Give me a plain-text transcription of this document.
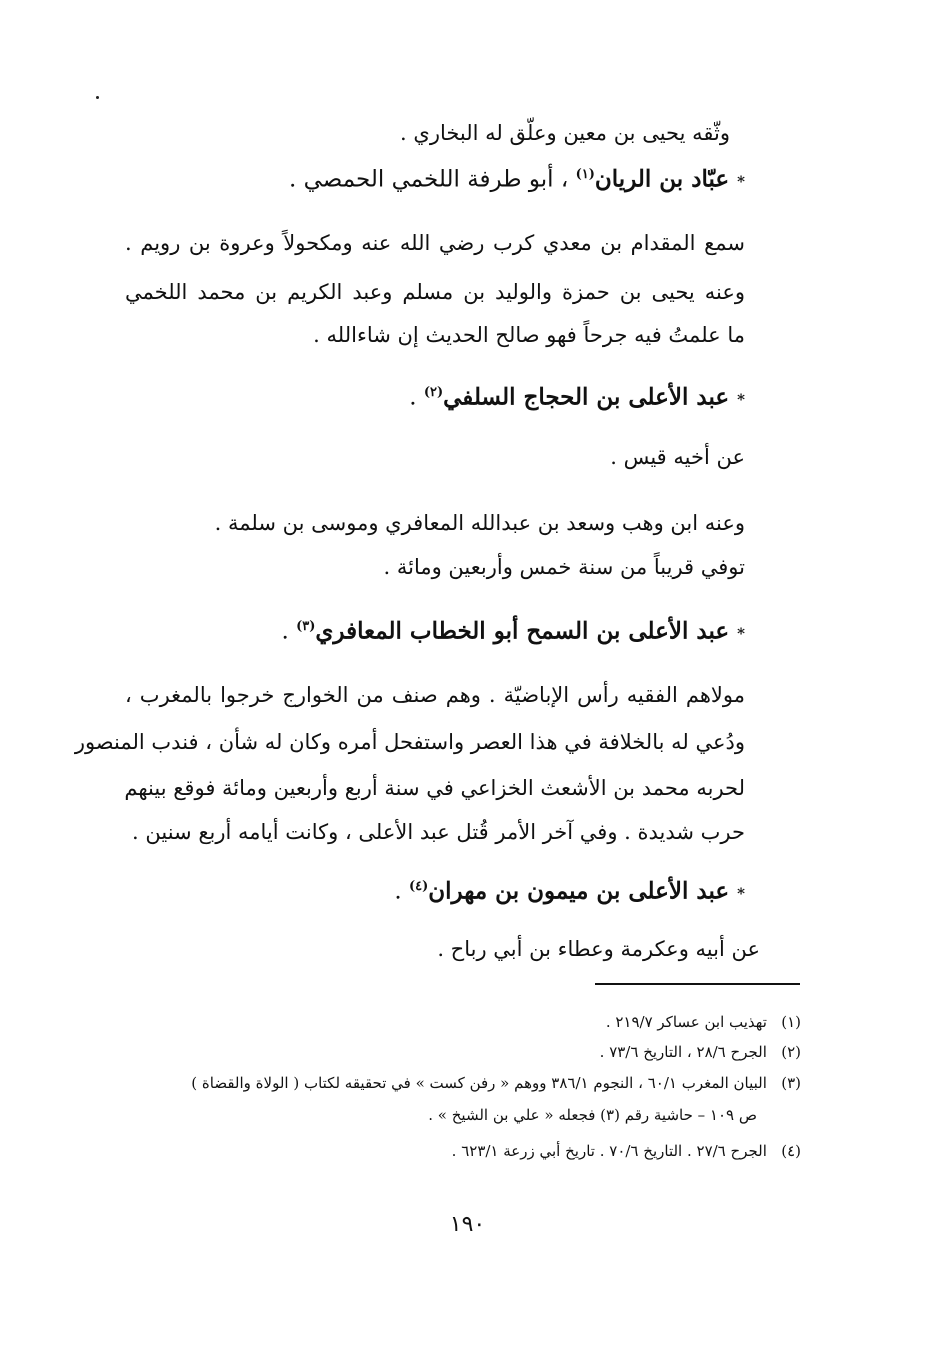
وثّقه يحيى بن معين وعلّق له البخاري .
* عبّاد بن الريان$^{(١)}$ ، أبو طرفة اللخمي الحمصي .
سمع المقدام بن معدي كرب رضي الله عنه ومكحولاً وعروة بن رويم .
وعنه يحيى بن حمزة والوليد بن مسلم وعبد الكريم بن محمد اللخمي
ما علمتُ فيه جرحاً فهو صالح الحديث إن شاءالله .
* عبد الأعلى بن الحجاج السلفي$^{(٢)}$ .
عن أخيه قيس .
وعنه ابن وهب وسعد بن عبدالله المعافري وموسى بن سلمة .
توفي قريباً من سنة خمس وأربعين ومائة .
* عبد الأعلى بن السمح أبو الخطاب المعافري$^{(٣)}$ .
مولاهم الفقيه رأس الإباضيّة . وهم صنف من الخوارج خرجوا بالمغرب ،
ودُعي له بالخلافة في هذا العصر واستفحل أمره وكان له شأن ، فندب المنصور
لحربه محمد بن الأشعث الخزاعي في سنة أربع وأربعين ومائة فوقع بينهم
حرب شديدة . وفي آخر الأمر قُتل عبد الأعلى ، وكانت أيامه أربع سنين .
* عبد الأعلى بن ميمون بن مهران$^{(٤)}$ .
عن أبيه وعكرمة وعطاء بن أبي رباح .
(١)   تهذيب ابن عساكر ٢١٩/٧ .
(٢)   الجرح ٢٨/٦ ، التاريخ ٧٣/٦ .
(٣)   البيان المغرب ٦٠/١ ، النجوم ٣٨٦/١ ووهم « رفن كست » في تحقيقه لكتاب ( الولاة والقضاة )
ص ١٠٩ – حاشية رقم (٣) فجعله « علي بن الشيخ » .
(٤)   الجرح ٢٧/٦ . التاريخ ٧٠/٦ . تاريخ أبي زرعة ٦٢٣/١ .
١٩٠
